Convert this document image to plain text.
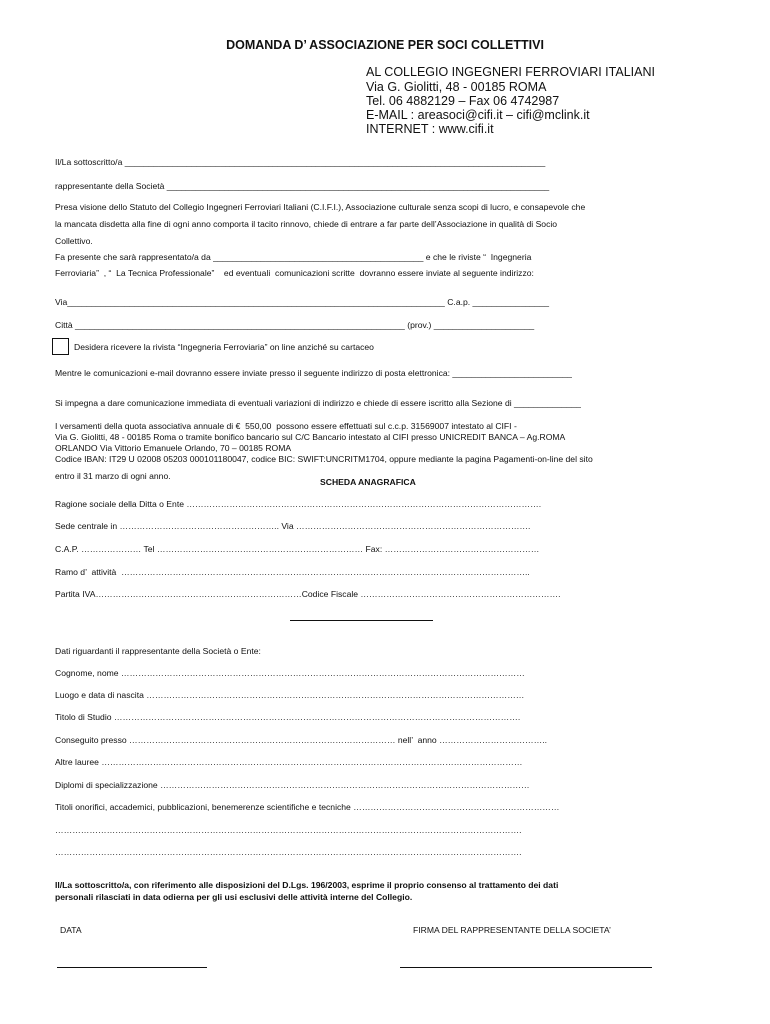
DOMANDA D’ ASSOCIAZIONE PER SOCI COLLETTIVI
AL COLLEGIO INGEGNERI FERROVIARI ITALIANI
Via G. Giolitti, 48 - 00185 ROMA
Tel. 06 4882129 – Fax 06 4742987
E-MAIL : areasoci@cifi.it – cifi@mclink.it
INTERNET : www.cifi.it
Il/La sottoscritto/a ________________________________________________________________________________________
rappresentante della Società ________________________________________________________________________________
Presa visione dello Statuto del Collegio Ingegneri Ferroviari Italiani (C.I.F.I.), Associazione culturale senza scopi di lucro, e consapevole che
la mancata disdetta alla fine di ogni anno comporta il tacito rinnovo, chiede di entrare a far parte dell’Associazione in qualità di Socio
Collettivo.
Fa presente che sarà rappresentato/a da ____________________________________________ e che le riviste “  Ingegneria
Ferroviaria”  , “  La Tecnica Professionale”    ed eventuali  comunicazioni scritte  dovranno essere inviate al seguente indirizzo:
Via_______________________________________________________________________________ C.a.p. ________________
Città _____________________________________________________________________ (prov.) _____________________
Desidera ricevere la rivista “Ingegneria Ferroviaria” on line anziché su cartaceo
Mentre le comunicazioni e-mail dovranno essere inviate presso il seguente indirizzo di posta elettronica: _________________________
Si impegna a dare comunicazione immediata di eventuali variazioni di indirizzo e chiede di essere iscritto alla Sezione di ______________
I versamenti della quota associativa annuale di €  550,00  possono essere effettuati sul c.c.p. 31569007 intestato al CIFI -
Via G. Giolitti, 48 - 00185 Roma o tramite bonifico bancario sul C/C Bancario intestato al CIFI presso UNICREDIT BANCA – Ag.ROMA
ORLANDO Via Vittorio Emanuele Orlando, 70 – 00185 ROMA
Codice IBAN: IT29 U 02008 05203 000101180047, codice BIC: SWIFT:UNCRITM1704, oppure mediante la pagina Pagamenti-on-line del sito
entro il 31 marzo di ogni anno.
SCHEDA ANAGRAFICA
Ragione sociale della Ditta o Ente …………………………………………………………………………………………………………….
Sede centrale in ……………………………………………….. Via ……………………………………………………………………….
C.A.P. ………………… Tel ……………………………………………………………… Fax: ………………………………………………
Ramo d’  attività  ……………………………………………………………………………………………………………………………..
Partita IVA………………………………………………………………Codice Fiscale …………………………………………………………….
Dati riguardanti il rappresentante della Società o Ente:
Cognome, nome ……………………………………………………………………………………………………………………………
Luogo e data di nascita ……………………………………………………………………………………………………………………
Titolo di Studio …………………………………………………………………………………………………………………………….
Conseguito presso ………………………………………………………………………………… nell’  anno ………………………………..
Altre lauree …………………………………………………………………………………………………………………………………
Diplomi di specializzazione …………………………………………………………………………………………………………………
Titoli onorifici, accademici, pubblicazioni, benemerenze scientifiche e tecniche ………………………………………………………………
……………………………………………………………………………………………………………………………………………….
……………………………………………………………………………………………………………………………………………….
Il/La sottoscritto/a, con riferimento alle disposizioni del D.Lgs. 196/2003, esprime il proprio consenso al trattamento dei dati
personali rilasciati in data odierna per gli usi esclusivi delle attività interne del Collegio.
DATA	FIRMA DEL RAPPRESENTANTE DELLA SOCIETA’
